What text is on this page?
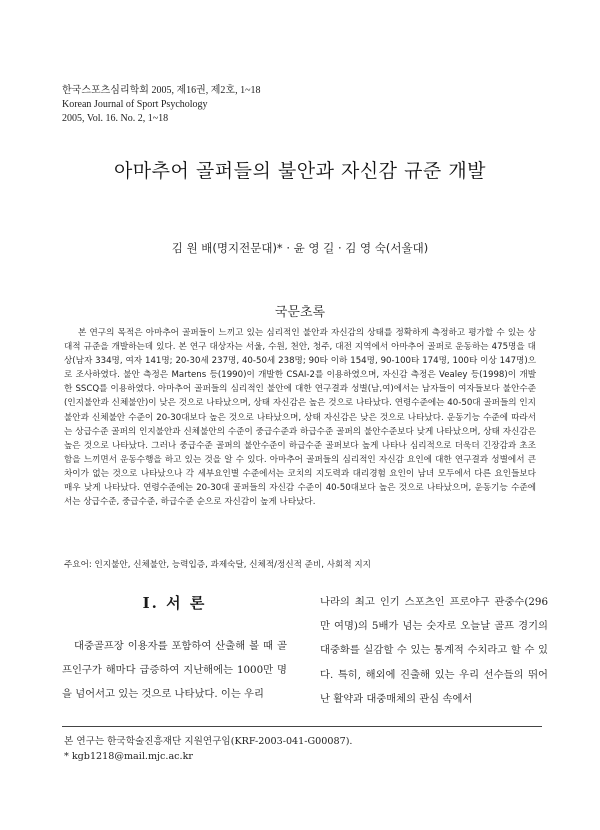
한국스포츠심리학회 2005, 제16권, 제2호, 1~18
Korean Journal of Sport Psychology
2005, Vol. 16. No. 2, 1~18
아마추어 골퍼들의 불안과 자신감 규준 개발
김 원 배(명지전문대)* · 윤 영 길 · 김 영 숙(서울대)
국문초록

본 연구의 목적은 아마추어 골퍼들이 느끼고 있는 심리적인 불안과 자신감의 상태를 정확하게 측정하고 평가할 수 있는 상대적 규준을 개발하는데 있다. 본 연구 대상자는 서울, 수원, 천안, 청주, 대전 지역에서 아마추어 골퍼로 운동하는 475명을 대상(남자 334명, 여자 141명; 20-30세 237명, 40-50세 238명; 90타 이하 154명, 90-100타 174명, 100타 이상 147명)으로 조사하였다. 불안 측정은 Martens 등(1990)이 개발한 CSAI-2를 이용하였으며, 자신감 측정은 Vealey 등(1998)이 개발한 SSCQ를 이용하였다. 아마추어 골퍼들의 심리적인 불안에 대한 연구결과 성별(남,여)에서는 남자들이 여자들보다 불안수준(인지불안과 신체불안)이 낮은 것으로 나타났으며, 상태 자신감은 높은 것으로 나타났다. 연령수준에는 40-50대 골퍼들의 인지불안과 신체불안 수준이 20-30대보다 높은 것으로 나타났으며, 상태 자신감은 낮은 것으로 나타났다. 운동기능 수준에 따라서는 상급수준 골퍼의 인지불안과 신체불안의 수준이 중급수준과 하급수준 골퍼의 불안수준보다 낮게 나타났으며, 상태 자신감은 높은 것으로 나타났다. 그러나 중급수준 골퍼의 불안수준이 하급수준 골퍼보다 높게 나타나 심리적으로 더욱더 긴장감과 초조함을 느끼면서 운동수행을 하고 있는 것을 알 수 있다. 아마추어 골퍼들의 심리적인 자신감 요인에 대한 연구결과 성별에서 큰 차이가 없는 것으로 나타났으나 각 세부요인별 수준에서는 코치의 지도력과 대리경험 요인이 남녀 모두에서 다른 요인들보다 매우 낮게 나타났다. 연령수준에는 20-30대 골퍼들의 자신감 수준이 40-50대보다 높은 것으로 나타났으며, 운동기능 수준에서는 상급수준, 중급수준, 하급수준 순으로 자신감이 높게 나타났다.

주요어: 인지불안, 신체불안, 능력입증, 과제숙달, 신체적/정신적 준비, 사회적 지지
I. 서 론

대중골프장 이용자를 포함하여 산출해 볼 때 골프인구가 해마다 급증하여 지난해에는 1000만 명을 넘어서고 있는 것으로 나타났다. 이는 우리

나라의 최고 인기 스포츠인 프로야구 관중수(296만 여명)의 5배가 넘는 숫자로 오늘날 골프 경기의 대중화를 실감할 수 있는 통계적 수치라고 할 수 있다. 특히, 해외에 진출해 있는 우리 선수들의 뛰어난 활약과 대중매체의 관심 속에서

본 연구는 한국학술진흥재단 지원연구임(KRF-2003-041-G00087).
* kgb1218@mail.mjc.ac.kr
